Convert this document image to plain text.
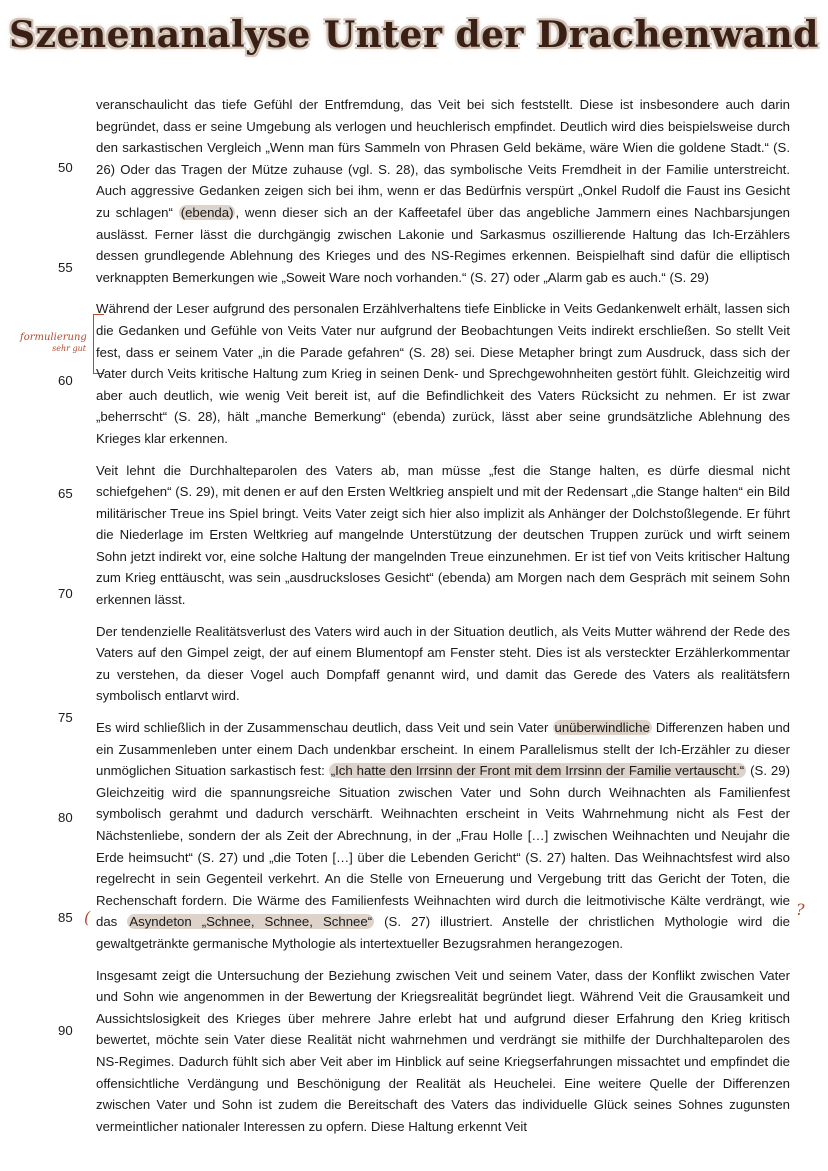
Szenenanalyse Unter der Drachenwand
formulierung
sehr gut
(	?
50
55
60
65
70
75
80
85
90

veranschaulicht das tiefe Gefühl der Entfremdung, das Veit bei sich feststellt. Diese ist insbesondere auch darin begründet, dass er seine Umgebung als verlogen und heuchlerisch empfindet. Deutlich wird dies beispielsweise durch den sarkastischen Vergleich „Wenn man fürs Sammeln von Phrasen Geld bekäme, wäre Wien die goldene Stadt.“ (S. 26) Oder das Tragen der Mütze zuhause (vgl. S. 28), das symbolische Veits Fremdheit in der Familie unterstreicht. Auch aggressive Gedanken zeigen sich bei ihm, wenn er das Bedürfnis verspürt „Onkel Rudolf die Faust ins Gesicht zu schlagen“ (ebenda) , wenn dieser sich an der Kaffeetafel über das angebliche Jammern eines Nachbarsjungen auslässt. Ferner lässt die durchgängig zwischen Lakonie und Sarkasmus oszillierende Haltung das Ich-Erzählers dessen grundlegende Ablehnung des Krieges und des NS-Regimes erkennen. Beispielhaft sind dafür die elliptisch verknappten Bemerkungen wie „Soweit Ware noch vorhanden.“ (S. 27) oder „Alarm gab es auch.“ (S. 29)

Während der Leser aufgrund des personalen Erzählverhaltens tiefe Einblicke in Veits Gedankenwelt erhält, lassen sich die Gedanken und Gefühle von Veits Vater nur aufgrund der Beobachtungen Veits indirekt erschließen. So stellt Veit fest, dass er seinem Vater „in die Parade gefahren“ (S. 28) sei. Diese Metapher bringt zum Ausdruck, dass sich der Vater durch Veits kritische Haltung zum Krieg in seinen Denk- und Sprechgewohnheiten gestört fühlt. Gleichzeitig wird aber auch deutlich, wie wenig Veit bereit ist, auf die Befindlichkeit des Vaters Rücksicht zu nehmen. Er ist zwar „beherrscht“ (S. 28), hält „manche Bemerkung“ (ebenda) zurück, lässt aber seine grundsätzliche Ablehnung des Krieges klar erkennen.

Veit lehnt die Durchhalteparolen des Vaters ab, man müsse „fest die Stange halten, es dürfe diesmal nicht schiefgehen“ (S. 29), mit denen er auf den Ersten Weltkrieg anspielt und mit der Redensart „die Stange halten“ ein Bild militärischer Treue ins Spiel bringt. Veits Vater zeigt sich hier also implizit als Anhänger der Dolchstoßlegende. Er führt die Niederlage im Ersten Weltkrieg auf mangelnde Unterstützung der deutschen Truppen zurück und wirft seinem Sohn jetzt indirekt vor, eine solche Haltung der mangelnden Treue einzunehmen. Er ist tief von Veits kritischer Haltung zum Krieg enttäuscht, was sein „ausdrucksloses Gesicht“ (ebenda) am Morgen nach dem Gespräch mit seinem Sohn erkennen lässt.

Der tendenzielle Realitätsverlust des Vaters wird auch in der Situation deutlich, als Veits Mutter während der Rede des Vaters auf den Gimpel zeigt, der auf einem Blumentopf am Fenster steht. Dies ist als versteckter Erzählerkommentar zu verstehen, da dieser Vogel auch Dompfaff genannt wird, und damit das Gerede des Vaters als realitätsfern symbolisch entlarvt wird.

Es wird schließlich in der Zusammenschau deutlich, dass Veit und sein Vater unüberwindliche Differenzen haben und ein Zusammenleben unter einem Dach undenkbar erscheint. In einem Parallelismus stellt der Ich-Erzähler zu dieser unmöglichen Situation sarkastisch fest: „Ich hatte den Irrsinn der Front mit dem Irrsinn der Familie vertauscht.“ (S. 29) Gleichzeitig wird die spannungsreiche Situation zwischen Vater und Sohn durch Weihnachten als Familienfest symbolisch gerahmt und dadurch verschärft. Weihnachten erscheint in Veits Wahrnehmung nicht als Fest der Nächstenliebe, sondern der als Zeit der Abrechnung, in der „Frau Holle […] zwischen Weihnachten und Neujahr die Erde heimsucht“ (S. 27) und „die Toten […] über die Lebenden Gericht“ (S. 27) halten. Das Weihnachtsfest wird also regelrecht in sein Gegenteil verkehrt. An die Stelle von Erneuerung und Vergebung tritt das Gericht der Toten, die Rechenschaft fordern. Die Wärme des Familienfests Weihnachten wird durch die leitmotivische Kälte verdrängt, wie das Asyndeton „Schnee, Schnee, Schnee“ (S. 27) illustriert. Anstelle der christlichen Mythologie wird die gewaltgetränkte germanische Mythologie als intertextueller Bezugsrahmen herangezogen.

Insgesamt zeigt die Untersuchung der Beziehung zwischen Veit und seinem Vater, dass der Konflikt zwischen Vater und Sohn wie angenommen in der Bewertung der Kriegsrealität begründet liegt. Während Veit die Grausamkeit und Aussichtslosigkeit des Krieges über mehrere Jahre erlebt hat und aufgrund dieser Erfahrung den Krieg kritisch bewertet, möchte sein Vater diese Realität nicht wahrnehmen und verdrängt sie mithilfe der Durchhalteparolen des NS-Regimes. Dadurch fühlt sich aber Veit aber im Hinblick auf seine Kriegserfahrungen missachtet und empfindet die offensichtliche Verdängung und Beschönigung der Realität als Heuchelei. Eine weitere Quelle der Differenzen zwischen Vater und Sohn ist zudem die Bereitschaft des Vaters das individuelle Glück seines Sohnes zugunsten vermeintlicher nationaler Interessen zu opfern. Diese Haltung erkennt Veit
